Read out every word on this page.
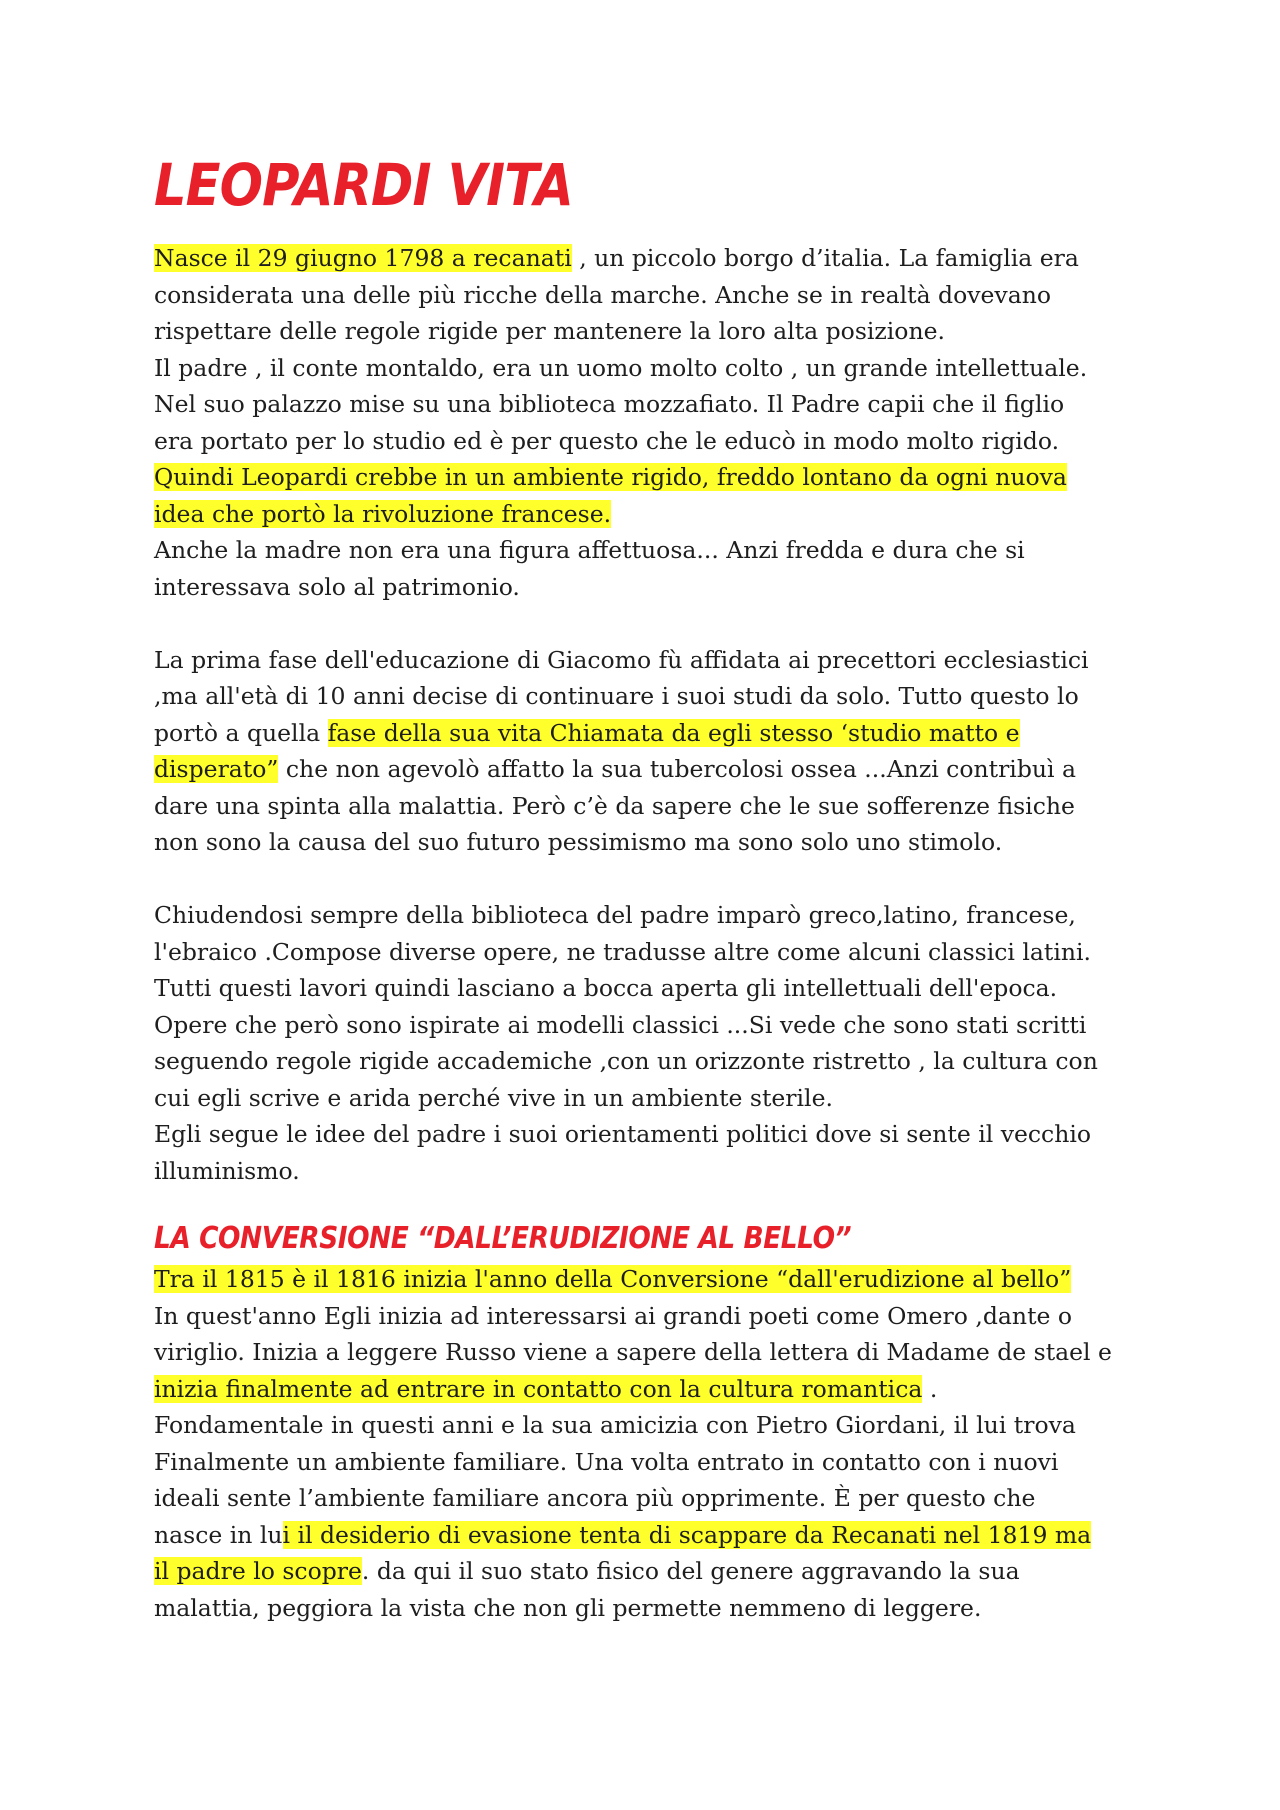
LEOPARDI VITA
Nasce il 29 giugno 1798 a recanati , un piccolo borgo d’italia. La famiglia era
considerata una delle più ricche della marche. Anche se in realtà dovevano
rispettare delle regole rigide per mantenere la loro alta posizione.
Il padre , il conte montaldo, era un uomo molto colto , un grande intellettuale.
Nel suo palazzo mise su una biblioteca mozzafiato. Il Padre capii che il figlio
era portato per lo studio ed è per questo che le educò in modo molto rigido.
Quindi Leopardi crebbe in un ambiente rigido, freddo lontano da ogni nuova
idea che portò la rivoluzione francese.
Anche la madre non era una figura affettuosa... Anzi fredda e dura che si
interessava solo al patrimonio.
La prima fase dell'educazione di Giacomo fù affidata ai precettori ecclesiastici
,ma all'età di 10 anni decise di continuare i suoi studi da solo. Tutto questo lo
portò a quella fase della sua vita Chiamata da egli stesso ‘studio matto e
disperato” che non agevolò affatto la sua tubercolosi ossea ...Anzi contribuì a
dare una spinta alla malattia. Però c’è da sapere che le sue sofferenze fisiche
non sono la causa del suo futuro pessimismo ma sono solo uno stimolo.
Chiudendosi sempre della biblioteca del padre imparò greco,latino, francese,
l'ebraico .Compose diverse opere, ne tradusse altre come alcuni classici latini.
Tutti questi lavori quindi lasciano a bocca aperta gli intellettuali dell'epoca.
Opere che però sono ispirate ai modelli classici ...Si vede che sono stati scritti
seguendo regole rigide accademiche ,con un orizzonte ristretto , la cultura con
cui egli scrive e arida perché vive in un ambiente sterile.
Egli segue le idee del padre i suoi orientamenti politici dove si sente il vecchio
illuminismo.
LA CONVERSIONE “DALL’ERUDIZIONE AL BELLO”
Tra il 1815 è il 1816 inizia l'anno della Conversione “dall'erudizione al bello”
In quest'anno Egli inizia ad interessarsi ai grandi poeti come Omero ,dante o
viriglio. Inizia a leggere Russo viene a sapere della lettera di Madame de stael e
inizia finalmente ad entrare in contatto con la cultura romantica .
Fondamentale in questi anni e la sua amicizia con Pietro Giordani, il lui trova
Finalmente un ambiente familiare. Una volta entrato in contatto con i nuovi
ideali sente l’ambiente familiare ancora più opprimente. È per questo che
nasce in lui il desiderio di evasione tenta di scappare da Recanati nel 1819 ma
il padre lo scopre. da qui il suo stato fisico del genere aggravando la sua
malattia, peggiora la vista che non gli permette nemmeno di leggere.
